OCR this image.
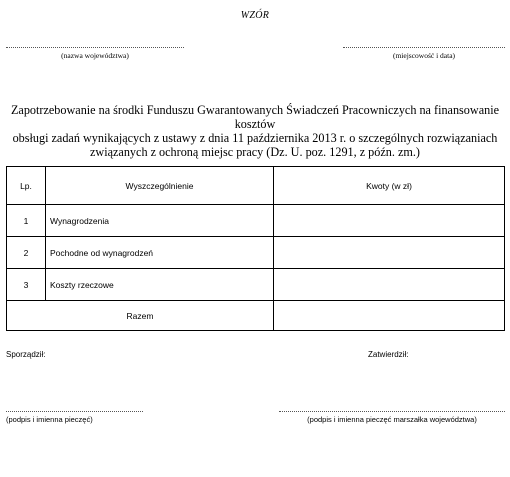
WZÓR
(nazwa województwa)	(miejscowość i data)
Zapotrzebowanie na środki Funduszu Gwarantowanych Świadczeń Pracowniczych na finansowanie kosztów
obsługi zadań wynikających z ustawy z dnia 11 października 2013 r. o szczególnych rozwiązaniach
związanych z ochroną miejsc pracy (Dz. U. poz. 1291, z późn. zm.)
Lp.	Wyszczególnienie	Kwoty (w zł)
1	Wynagrodzenia	
2	Pochodne od wynagrodzeń	
3	Koszty rzeczowe	
Razem		
Sporządził:	Zatwierdził:
(podpis i imienna pieczęć)	(podpis i imienna pieczęć marszałka województwa)
